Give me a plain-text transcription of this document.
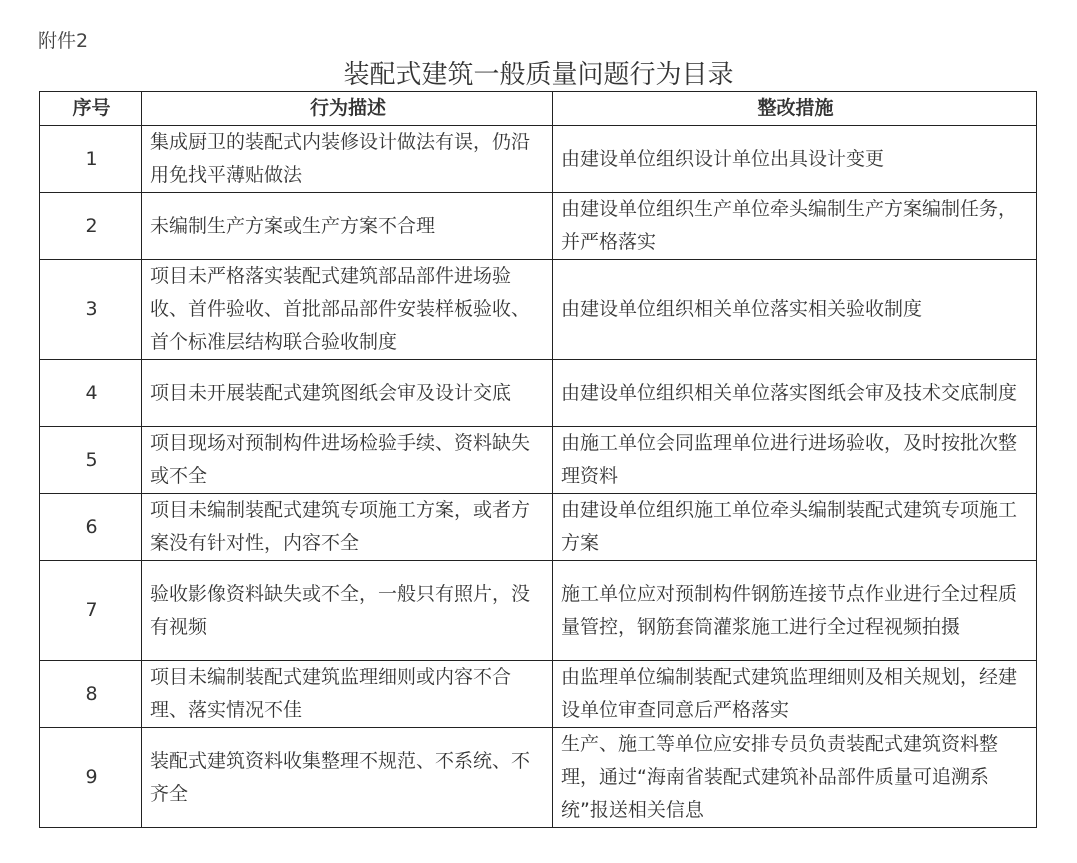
附件2
装配式建筑一般质量问题行为目录
序号	行为描述	整改措施
1	集成厨卫的装配式内装修设计做法有误，仍沿用免找平薄贴做法	由建设单位组织设计单位出具设计变更
2	未编制生产方案或生产方案不合理	由建设单位组织生产单位牵头编制生产方案编制任务，并严格落实
3	项目未严格落实装配式建筑部品部件进场验收、首件验收、首批部品部件安装样板验收、首个标准层结构联合验收制度	由建设单位组织相关单位落实相关验收制度
4	项目未开展装配式建筑图纸会审及设计交底	由建设单位组织相关单位落实图纸会审及技术交底制度
5	项目现场对预制构件进场检验手续、资料缺失或不全	由施工单位会同监理单位进行进场验收，及时按批次整理资料
6	项目未编制装配式建筑专项施工方案，或者方案没有针对性，内容不全	由建设单位组织施工单位牵头编制装配式建筑专项施工方案
7	验收影像资料缺失或不全，一般只有照片，没有视频	施工单位应对预制构件钢筋连接节点作业进行全过程质量管控，钢筋套筒灌浆施工进行全过程视频拍摄
8	项目未编制装配式建筑监理细则或内容不合理、落实情况不佳	由监理单位编制装配式建筑监理细则及相关规划，经建设单位审查同意后严格落实
9	装配式建筑资料收集整理不规范、不系统、不齐全	生产、施工等单位应安排专员负责装配式建筑资料整理，通过“海南省装配式建筑补品部件质量可追溯系统”报送相关信息
